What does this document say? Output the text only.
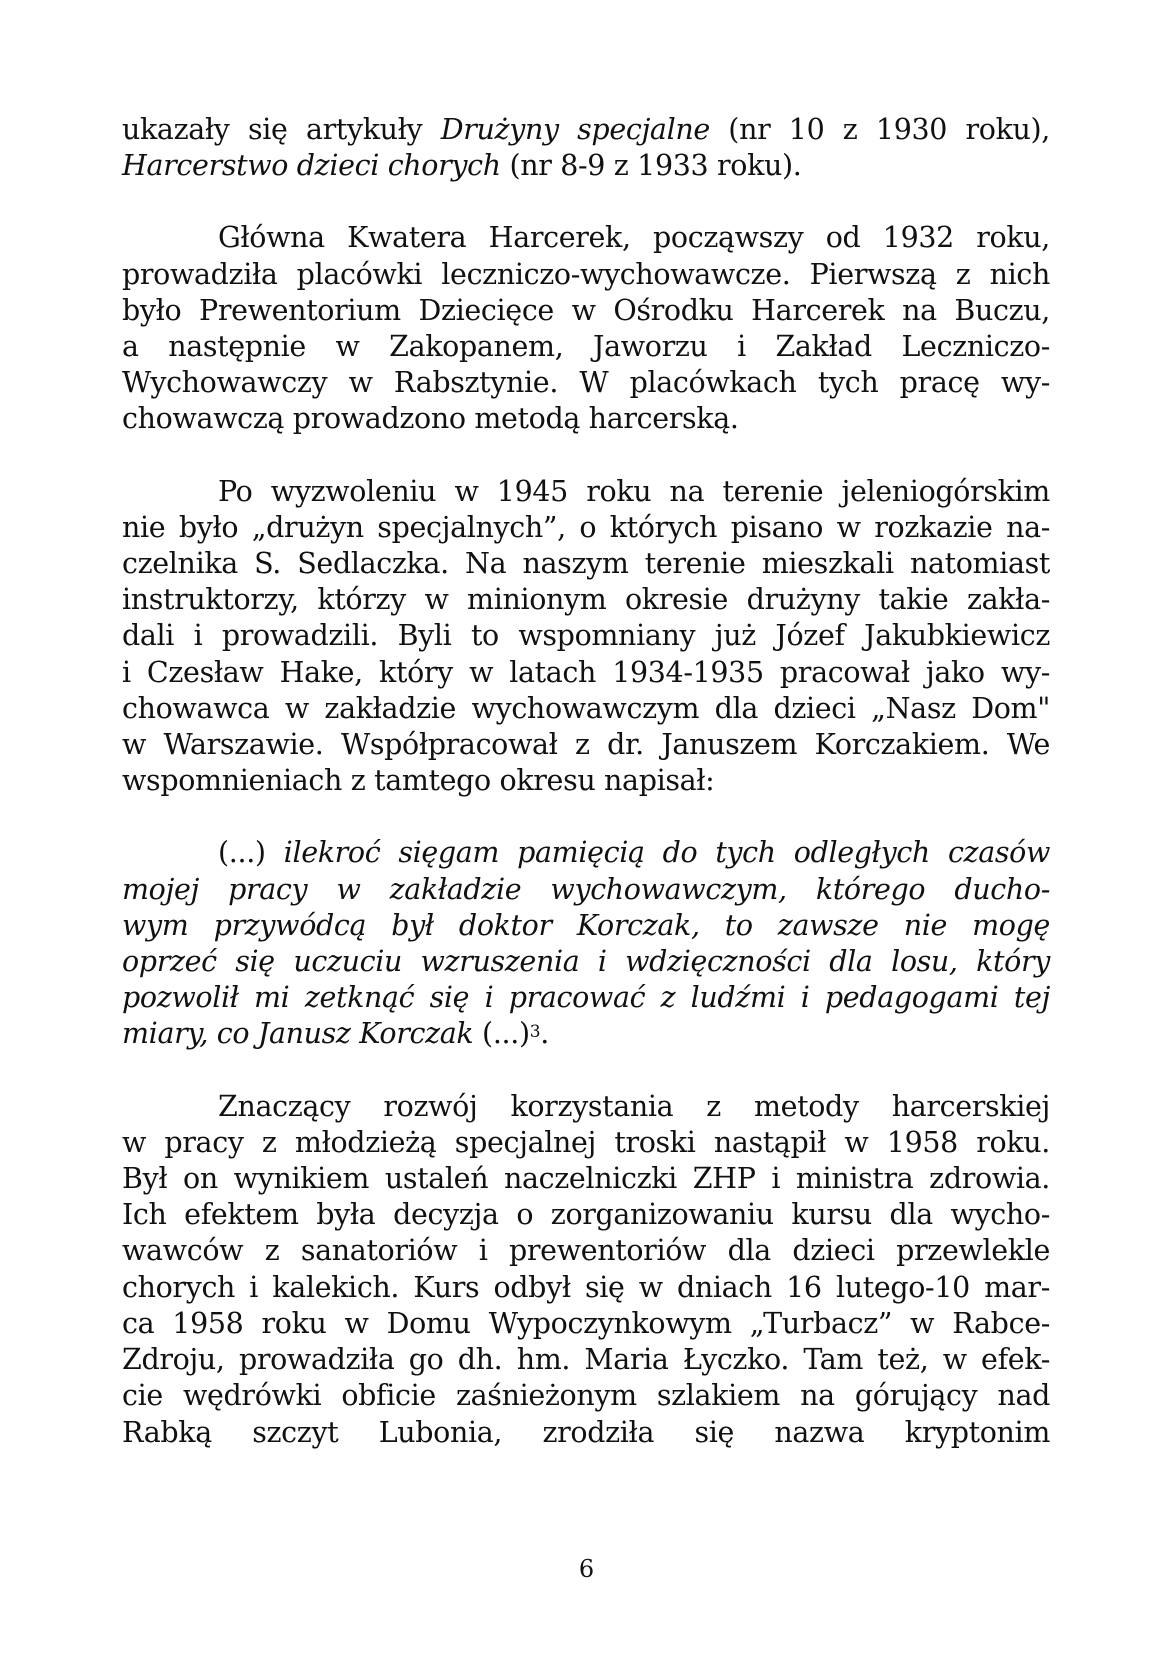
ukazały się artykuły Drużyny specjalne (nr 10 z 1930 roku),
Harcerstwo dzieci chorych (nr 8-9 z 1933 roku).

Główna Kwatera Harcerek, począwszy od 1932 roku,
prowadziła placówki leczniczo-wychowawcze. Pierwszą z nich
było Prewentorium Dziecięce w Ośrodku Harcerek na Buczu,
a następnie w Zakopanem, Jaworzu i Zakład Leczniczo-
Wychowawczy w Rabsztynie. W placówkach tych pracę wy-
chowawczą prowadzono metodą harcerską.

Po wyzwoleniu w 1945 roku na terenie jeleniogórskim
nie było „drużyn specjalnych”, o których pisano w rozkazie na-
czelnika S. Sedlaczka. Na naszym terenie mieszkali natomiast
instruktorzy, którzy w minionym okresie drużyny takie zakła-
dali i prowadzili. Byli to wspomniany już Józef Jakubkiewicz
i Czesław Hake, który w latach 1934-1935 pracował jako wy-
chowawca w zakładzie wychowawczym dla dzieci „Nasz Dom"
w Warszawie. Współpracował z dr. Januszem Korczakiem. We
wspomnieniach z tamtego okresu napisał:

(...) ilekroć sięgam pamięcią do tych odległych czasów
mojej pracy w zakładzie wychowawczym, którego ducho-
wym przywódcą był doktor Korczak, to zawsze nie mogę
oprzeć się uczuciu wzruszenia i wdzięczności dla losu, który
pozwolił mi zetknąć się i pracować z ludźmi i pedagogami tej
miary, co Janusz Korczak (...)$^3$.

Znaczący rozwój korzystania z metody harcerskiej
w pracy z młodzieżą specjalnej troski nastąpił w 1958 roku.
Był on wynikiem ustaleń naczelniczki ZHP i ministra zdrowia.
Ich efektem była decyzja o zorganizowaniu kursu dla wycho-
wawców z sanatoriów i prewentoriów dla dzieci przewlekle
chorych i kalekich. Kurs odbył się w dniach 16 lutego-10 mar-
ca 1958 roku w Domu Wypoczynkowym „Turbacz” w Rabce-
Zdroju, prowadziła go dh. hm. Maria Łyczko. Tam też, w efek-
cie wędrówki obficie zaśnieżonym szlakiem na górujący nad
Rabką szczyt Lubonia, zrodziła się nazwa kryptonim

6
